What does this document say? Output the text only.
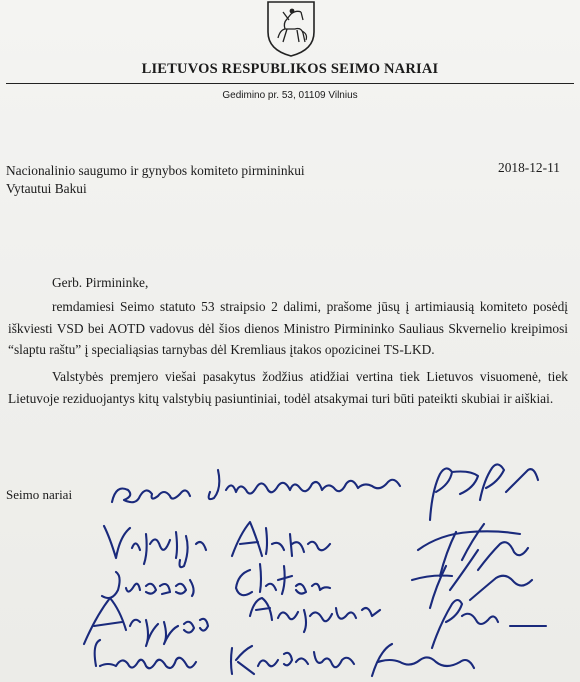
LIETUVOS RESPUBLIKOS SEIMO NARIAI
Gedimino pr. 53, 01109 Vilnius
Nacionalinio saugumo ir gynybos komiteto pirmininkui
Vytautui Bakui
2018-12-11
Gerb. Pirmininke,
remdamiesi Seimo statuto 53 straipsio 2 dalimi, prašome jūsų į artimiausią komiteto posėdį
iškviesti VSD bei AOTD vadovus dėl šios dienos Ministro Pirmininko Sauliaus Skvernelio kreipimosi
“slaptu raštu” į specialiąsias tarnybas dėl Kremliaus įtakos opozicinei TS-LKD.
Valstybės premjero viešai pasakytus žodžius atidžiai vertina tiek Lietuvos visuomenė, tiek
Lietuvoje reziduojantys kitų valstybių pasiuntiniai, todėl atsakymai turi būti pateikti skubiai ir aiškiai.
Seimo nariai
